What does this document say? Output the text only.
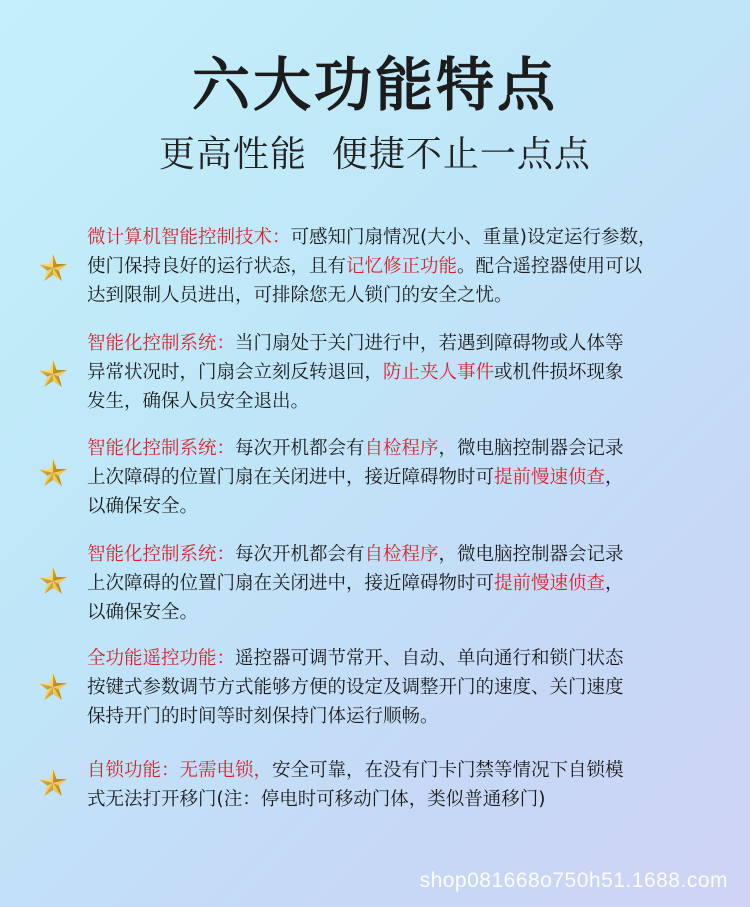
六大功能特点
更高性能  便捷不止一点点
微计算机智能控制技术：可感知门扇情况(大小、重量)设定运行参数，
使门保持良好的运行状态，且有记忆修正功能。配合遥控器使用可以
达到限制人员进出，可排除您无人锁门的安全之忧。
智能化控制系统：当门扇处于关门进行中，若遇到障碍物或人体等
异常状况时，门扇会立刻反转退回，防止夹人事件或机件损坏现象
发生，确保人员安全退出。
智能化控制系统：每次开机都会有自检程序，微电脑控制器会记录
上次障碍的位置门扇在关闭进中，接近障碍物时可提前慢速侦查，
以确保安全。
智能化控制系统：每次开机都会有自检程序，微电脑控制器会记录
上次障碍的位置门扇在关闭进中，接近障碍物时可提前慢速侦查，
以确保安全。
全功能遥控功能：遥控器可调节常开、自动、单向通行和锁门状态
按键式参数调节方式能够方便的设定及调整开门的速度、关门速度
保持开门的时间等时刻保持门体运行顺畅。
自锁功能：无需电锁，安全可靠，在没有门卡门禁等情况下自锁模
式无法打开移门(注：停电时可移动门体，类似普通移门)
shop081668o750h51.1688.com
